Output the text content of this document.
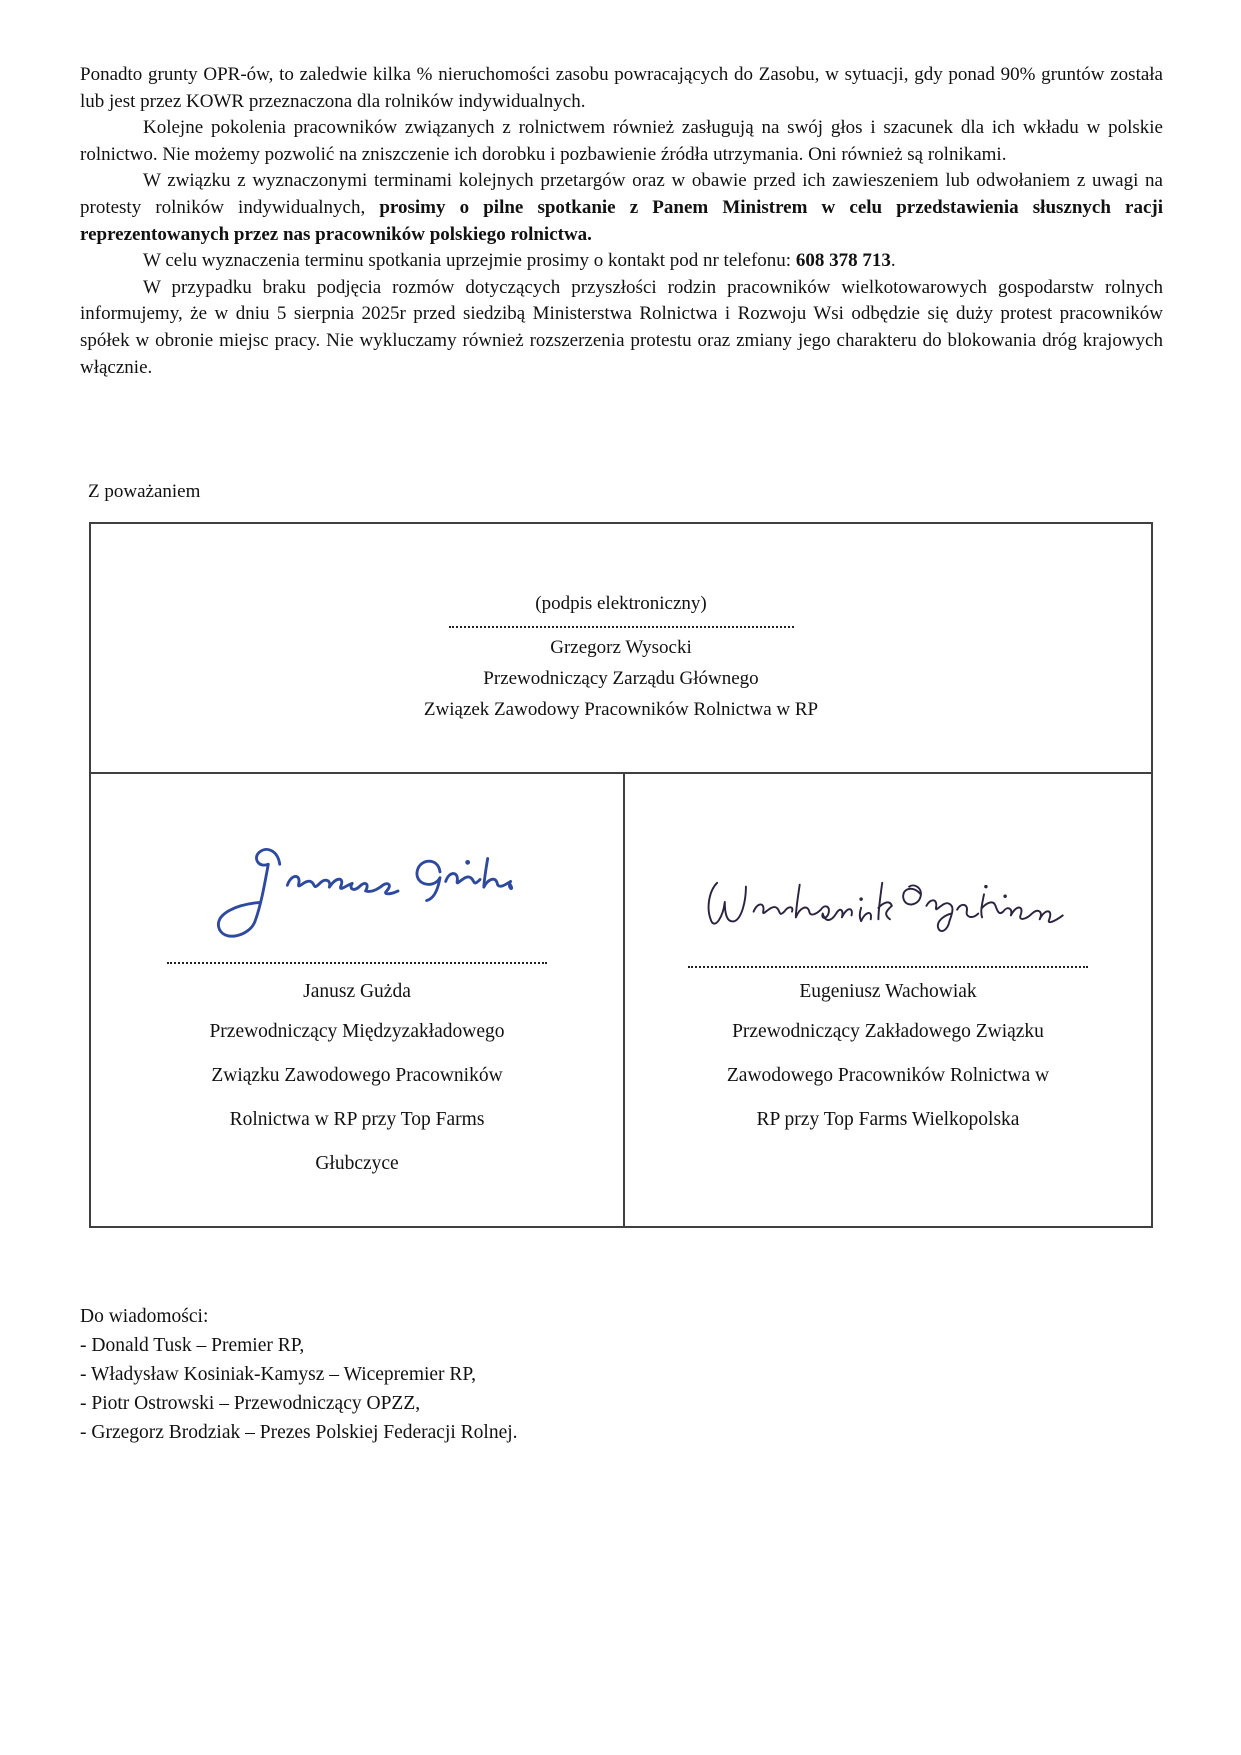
Ponadto grunty OPR-ów, to zaledwie kilka % nieruchomości zasobu powracających do Zasobu, w sytuacji, gdy ponad 90% gruntów została lub jest przez KOWR przeznaczona dla rolników indywidualnych.

Kolejne pokolenia pracowników związanych z rolnictwem również zasługują na swój głos i szacunek dla ich wkładu w polskie rolnictwo. Nie możemy pozwolić na zniszczenie ich dorobku i pozbawienie źródła utrzymania. Oni również są rolnikami.

W związku z wyznaczonymi terminami kolejnych przetargów oraz w obawie przed ich zawieszeniem lub odwołaniem z uwagi na protesty rolników indywidualnych, prosimy o pilne spotkanie z Panem Ministrem w celu przedstawienia słusznych racji reprezentowanych przez nas pracowników polskiego rolnictwa.

W celu wyznaczenia terminu spotkania uprzejmie prosimy o kontakt pod nr telefonu: 608 378 713.

W przypadku braku podjęcia rozmów dotyczących przyszłości rodzin pracowników wielkotowarowych gospodarstw rolnych informujemy, że w dniu 5 sierpnia 2025r przed siedzibą Ministerstwa Rolnictwa i Rozwoju Wsi odbędzie się duży protest pracowników spółek w obronie miejsc pracy. Nie wykluczamy również rozszerzenia protestu oraz zmiany jego charakteru do blokowania dróg krajowych włącznie.

Z poważaniem

(podpis elektroniczny)
Grzegorz Wysocki
Przewodniczący Zarządu Głównego
Związek Zawodowy Pracowników Rolnictwa w RP
Janusz Gużda
Przewodniczący Międzyzakładowego
Związku Zawodowego Pracowników
Rolnictwa w RP przy Top Farms
Głubczyce
Eugeniusz Wachowiak
Przewodniczący Zakładowego Związku
Zawodowego Pracowników Rolnictwa w
RP przy Top Farms Wielkopolska

Do wiadomości:

- Donald Tusk – Premier RP,

- Władysław Kosiniak-Kamysz – Wicepremier RP,

- Piotr Ostrowski – Przewodniczący OPZZ,

- Grzegorz Brodziak – Prezes Polskiej Federacji Rolnej.
